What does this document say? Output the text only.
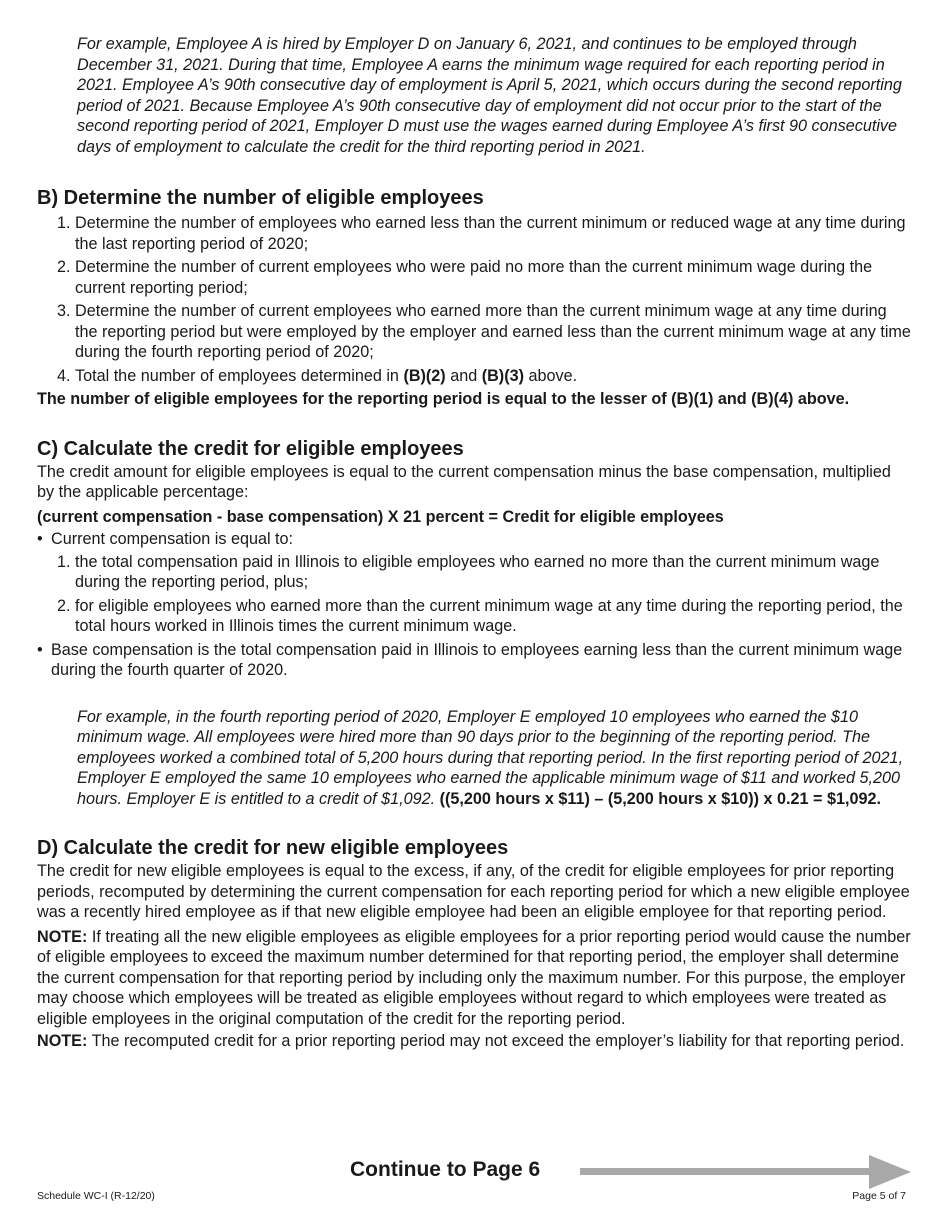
For example, Employee A is hired by Employer D on January 6, 2021, and continues to be employed through December 31, 2021. During that time, Employee A earns the minimum wage required for each reporting period in 2021. Employee A’s 90th consecutive day of employment is April 5, 2021, which occurs during the second reporting period of 2021. Because Employee A’s 90th consecutive day of employment did not occur prior to the start of the second reporting period of 2021, Employer D must use the wages earned during Employee A’s first 90 consecutive days of employment to calculate the credit for the third reporting period in 2021.

B) Determine the number of eligible employees
1. Determine the number of employees who earned less than the current minimum or reduced wage at any time during the last reporting period of 2020;
2. Determine the number of current employees who were paid no more than the current minimum wage during the current reporting period;
3. Determine the number of current employees who earned more than the current minimum wage at any time during the reporting period but were employed by the employer and earned less than the current minimum wage at any time during the fourth reporting period of 2020;
4. Total the number of employees determined in (B)(2) and (B)(3) above.

The number of eligible employees for the reporting period is equal to the lesser of (B)(1) and (B)(4) above.

C) Calculate the credit for eligible employees

The credit amount for eligible employees is equal to the current compensation minus the base compensation, multiplied by the applicable percentage:

(current compensation - base compensation) X 21 percent = Credit for eligible employees

• Current compensation is equal to:
1. the total compensation paid in Illinois to eligible employees who earned no more than the current minimum wage during the reporting period, plus;
2. for eligible employees who earned more than the current minimum wage at any time during the reporting period, the total hours worked in Illinois times the current minimum wage.
• Base compensation is the total compensation paid in Illinois to employees earning less than the current minimum wage during the fourth quarter of 2020.

For example, in the fourth reporting period of 2020, Employer E employed 10 employees who earned the $10 minimum wage. All employees were hired more than 90 days prior to the beginning of the reporting period. The employees worked a combined total of 5,200 hours during that reporting period. In the first reporting period of 2021, Employer E employed the same 10 employees who earned the applicable minimum wage of $11 and worked 5,200 hours. Employer E is entitled to a credit of $1,092. ((5,200 hours x $11) – (5,200 hours x $10)) x 0.21 = $1,092.

D) Calculate the credit for new eligible employees

The credit for new eligible employees is equal to the excess, if any, of the credit for eligible employees for prior reporting periods, recomputed by determining the current compensation for each reporting period for which a new eligible employee was a recently hired employee as if that new eligible employee had been an eligible employee for that reporting period.

NOTE: If treating all the new eligible employees as eligible employees for a prior reporting period would cause the number of eligible employees to exceed the maximum number determined for that reporting period, the employer shall determine the current compensation for that reporting period by including only the maximum number. For this purpose, the employer may choose which employees will be treated as eligible employees without regard to which employees were treated as eligible employees in the original computation of the credit for the reporting period.

NOTE: The recomputed credit for a prior reporting period may not exceed the employer’s liability for that reporting period.

Continue to Page 6
Schedule WC-I (R-12/20)	Page 5 of 7
